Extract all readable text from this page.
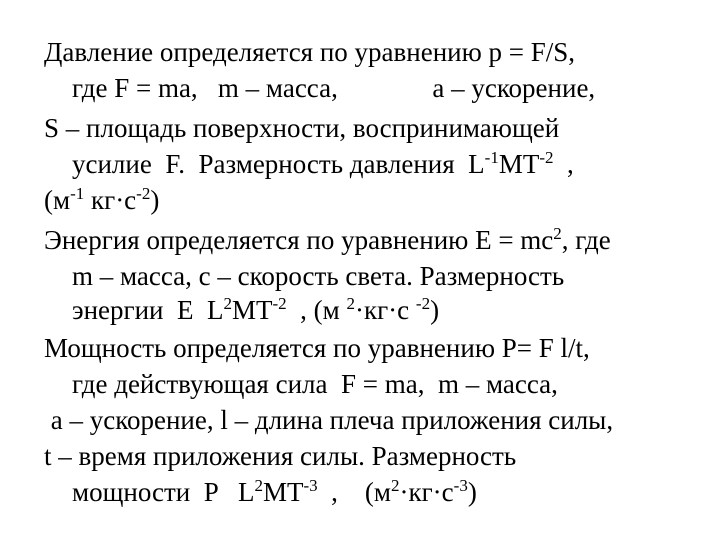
Давление определяется по уравнению p = F/S,
где F = ma,   m – масса,              a – ускорение,
S – площадь поверхности, воспринимающей
усилие  F.  Размерность давления  $L^{-1}MT^{-2}$  ,
($м^{-1}$ $кг\cdot с^{-2}$)
Энергия определяется по уравнению $E = mc^2$, где
m – масса, c – скорость света. Размерность
энергии  E  $L^2MT^{-2}$  , (м $^2$·кг·с $^{-2}$)
Мощность определяется по уравнению P= F l/t,
где действующая сила  F = ma,  m – масса,
a – ускорение, l – длина плеча приложения силы,
t – время приложения силы. Размерность
мощности  P   $L^2MT^{-3}$  ,    $(м^2\cdot кг\cdot с^{-3})$
